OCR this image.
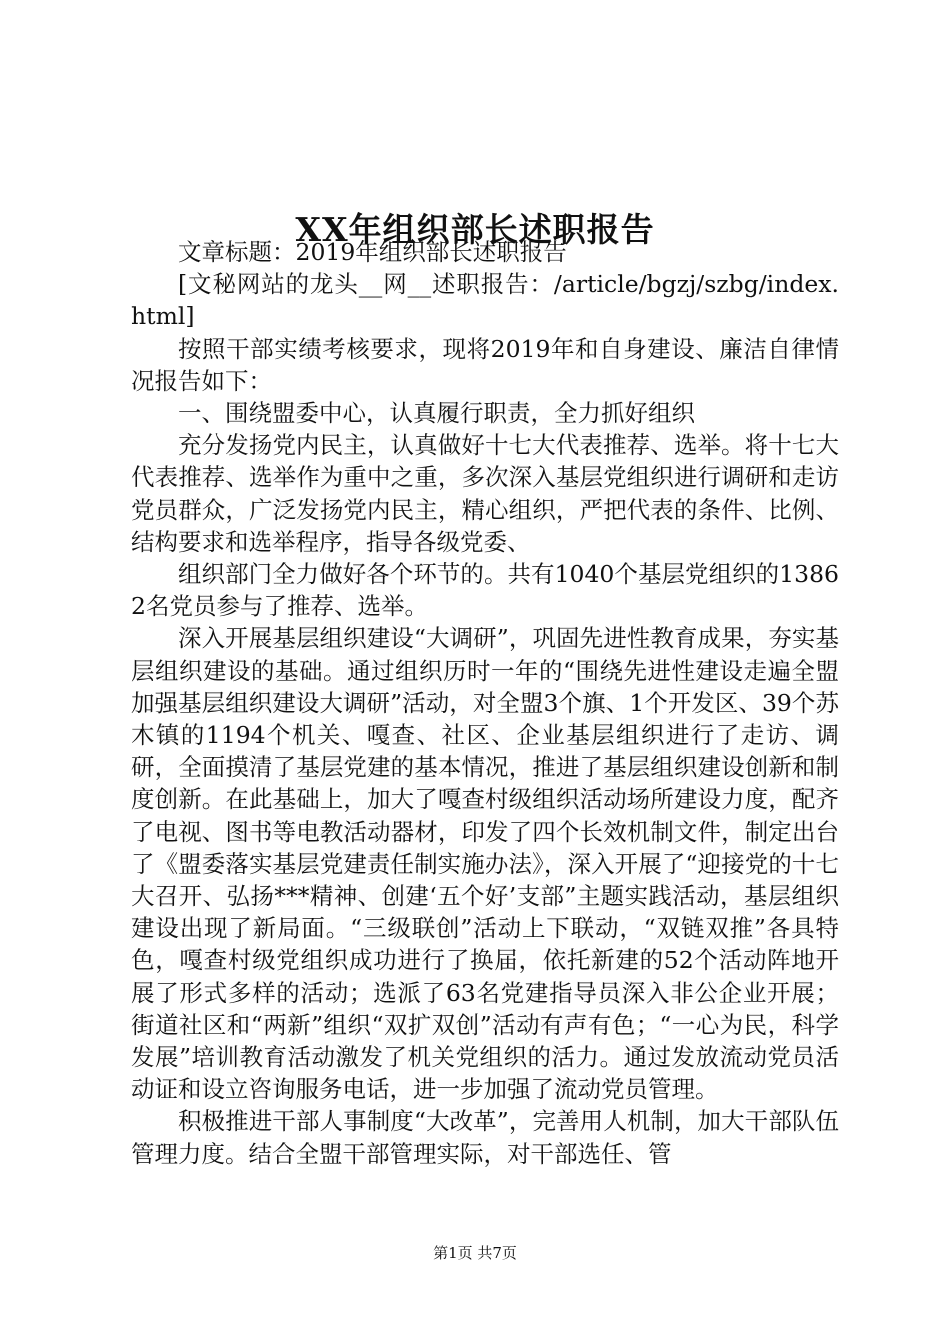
XX年组织部长述职报告

文章标题：2019年组织部长述职报告

[文秘网站的龙头__网__述职报告：/article/bgzj/szbg/index.html]

按照干部实绩考核要求，现将2019年和自身建设、廉洁自律情况报告如下：

一、围绕盟委中心，认真履行职责，全力抓好组织

充分发扬党内民主，认真做好十七大代表推荐、选举。将十七大代表推荐、选举作为重中之重，多次深入基层党组织进行调研和走访党员群众，广泛发扬党内民主，精心组织，严把代表的条件、比例、结构要求和选举程序，指导各级党委、

组织部门全力做好各个环节的。共有1040个基层党组织的13862名党员参与了推荐、选举。

深入开展基层组织建设“大调研”，巩固先进性教育成果，夯实基层组织建设的基础。通过组织历时一年的“围绕先进性建设走遍全盟加强基层组织建设大调研”活动，对全盟3个旗、1个开发区、39个苏木镇的1194个机关、嘎查、社区、企业基层组织进行了走访、调研，全面摸清了基层党建的基本情况，推进了基层组织建设创新和制度创新。在此基础上，加大了嘎查村级组织活动场所建设力度，配齐了电视、图书等电教活动器材，印发了四个长效机制文件，制定出台了《盟委落实基层党建责任制实施办法》，深入开展了“迎接党的十七大召开、弘扬***精神、创建‘五个好’支部”主题实践活动，基层组织建设出现了新局面。“三级联创”活动上下联动，“双链双推”各具特色，嘎查村级党组织成功进行了换届，依托新建的52个活动阵地开展了形式多样的活动；选派了63名党建指导员深入非公企业开展；街道社区和“两新”组织“双扩双创”活动有声有色；“一心为民，科学发展”培训教育活动激发了机关党组织的活力。通过发放流动党员活动证和设立咨询服务电话，进一步加强了流动党员管理。

积极推进干部人事制度“大改革”，完善用人机制，加大干部队伍管理力度。结合全盟干部管理实际，对干部选任、管

第1页 共7页
